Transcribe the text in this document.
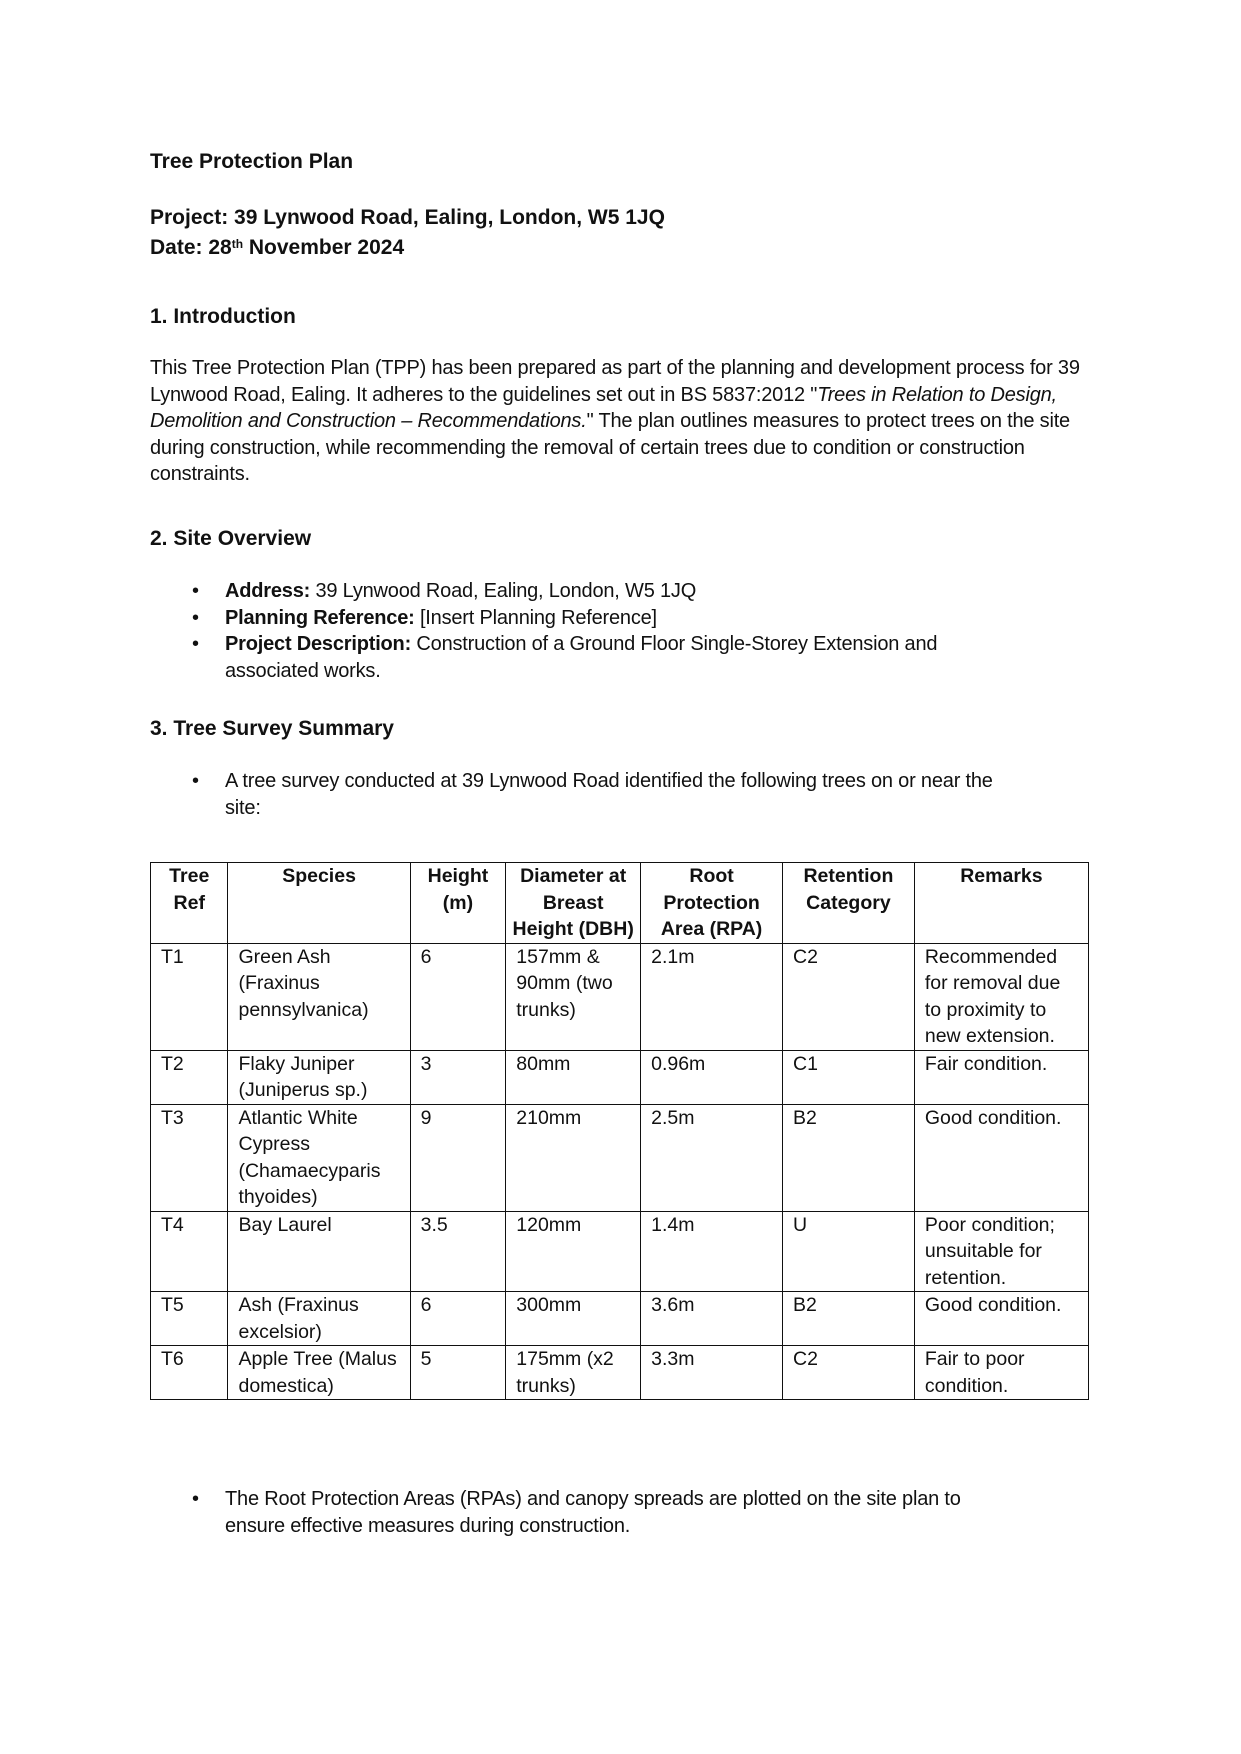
Tree Protection Plan
Project: 39 Lynwood Road, Ealing, London, W5 1JQ
Date: 28th November 2024
1. Introduction
This Tree Protection Plan (TPP) has been prepared as part of the planning and development process for 39 Lynwood Road, Ealing. It adheres to the guidelines set out in BS 5837:2012 "Trees in Relation to Design, Demolition and Construction – Recommendations." The plan outlines measures to protect trees on the site during construction, while recommending the removal of certain trees due to condition or construction constraints.
2. Site Overview
• Address: 39 Lynwood Road, Ealing, London, W5 1JQ
• Planning Reference: [Insert Planning Reference]
• Project Description: Construction of a Ground Floor Single-Storey Extension and associated works.
3. Tree Survey Summary
• A tree survey conducted at 39 Lynwood Road identified the following trees on or near the site:
Tree Ref	Species	Height (m)	Diameter at Breast Height (DBH)	Root Protection Area (RPA)	Retention Category	Remarks
T1	Green Ash (Fraxinus pennsylvanica)	6	157mm & 90mm (two trunks)	2.1m	C2	Recommended for removal due to proximity to new extension.
T2	Flaky Juniper (Juniperus sp.)	3	80mm	0.96m	C1	Fair condition.
T3	Atlantic White Cypress (Chamaecyparis thyoides)	9	210mm	2.5m	B2	Good condition.
T4	Bay Laurel	3.5	120mm	1.4m	U	Poor condition; unsuitable for retention.
T5	Ash (Fraxinus excelsior)	6	300mm	3.6m	B2	Good condition.
T6	Apple Tree (Malus domestica)	5	175mm (x2 trunks)	3.3m	C2	Fair to poor condition.
• The Root Protection Areas (RPAs) and canopy spreads are plotted on the site plan to ensure effective measures during construction.
